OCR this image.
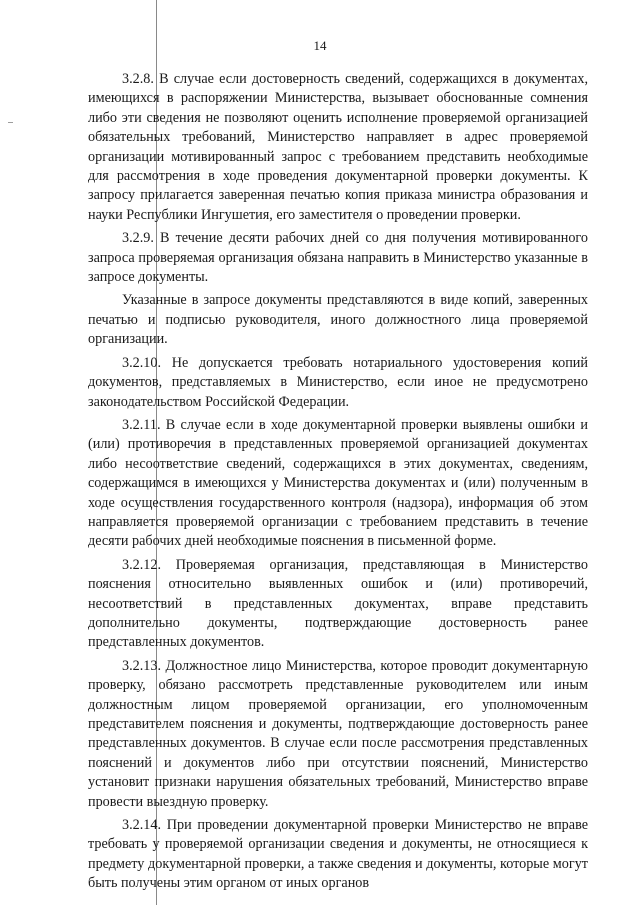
14

3.2.8. В случае если достоверность сведений, содержащихся в документах, имеющихся в распоряжении Министерства, вызывает обоснованные сомнения либо эти сведения не позволяют оценить исполнение проверяемой организацией обязательных требований, Министерство направляет в адрес проверяемой организации мотивированный запрос с требованием представить необходимые для рассмотрения в ходе проведения документарной проверки документы. К запросу прилагается заверенная печатью копия приказа министра образования и науки Республики Ингушетия, его заместителя о проведении проверки.

3.2.9. В течение десяти рабочих дней со дня получения мотивированного запроса проверяемая организация обязана направить в Министерство указанные в запросе документы.

Указанные в запросе документы представляются в виде копий, заверенных печатью и подписью руководителя, иного должностного лица проверяемой организации.

3.2.10. Не допускается требовать нотариального удостоверения копий документов, представляемых в Министерство, если иное не предусмотрено законодательством Российской Федерации.

3.2.11. В случае если в ходе документарной проверки выявлены ошибки и (или) противоречия в представленных проверяемой организацией документах либо несоответствие сведений, содержащихся в этих документах, сведениям, содержащимся в имеющихся у Министерства документах и (или) полученным в ходе осуществления государственного контроля (надзора), информация об этом направляется проверяемой организации с требованием представить в течение десяти рабочих дней необходимые пояснения в письменной форме.

3.2.12. Проверяемая организация, представляющая в Министерство пояснения относительно выявленных ошибок и (или) противоречий, несоответствий в представленных документах, вправе представить дополнительно документы, подтверждающие достоверность ранее представленных документов.

3.2.13. Должностное лицо Министерства, которое проводит документарную проверку, обязано рассмотреть представленные руководителем или иным должностным лицом проверяемой организации, его уполномоченным представителем пояснения и документы, подтверждающие достоверность ранее представленных документов. В случае если после рассмотрения представленных пояснений и документов либо при отсутствии пояснений, Министерство установит признаки нарушения обязательных требований, Министерство вправе провести выездную проверку.

3.2.14. При проведении документарной проверки Министерство не вправе требовать у проверяемой организации сведения и документы, не относящиеся к предмету документарной проверки, а также сведения и документы, которые могут быть получены этим органом от иных органов
